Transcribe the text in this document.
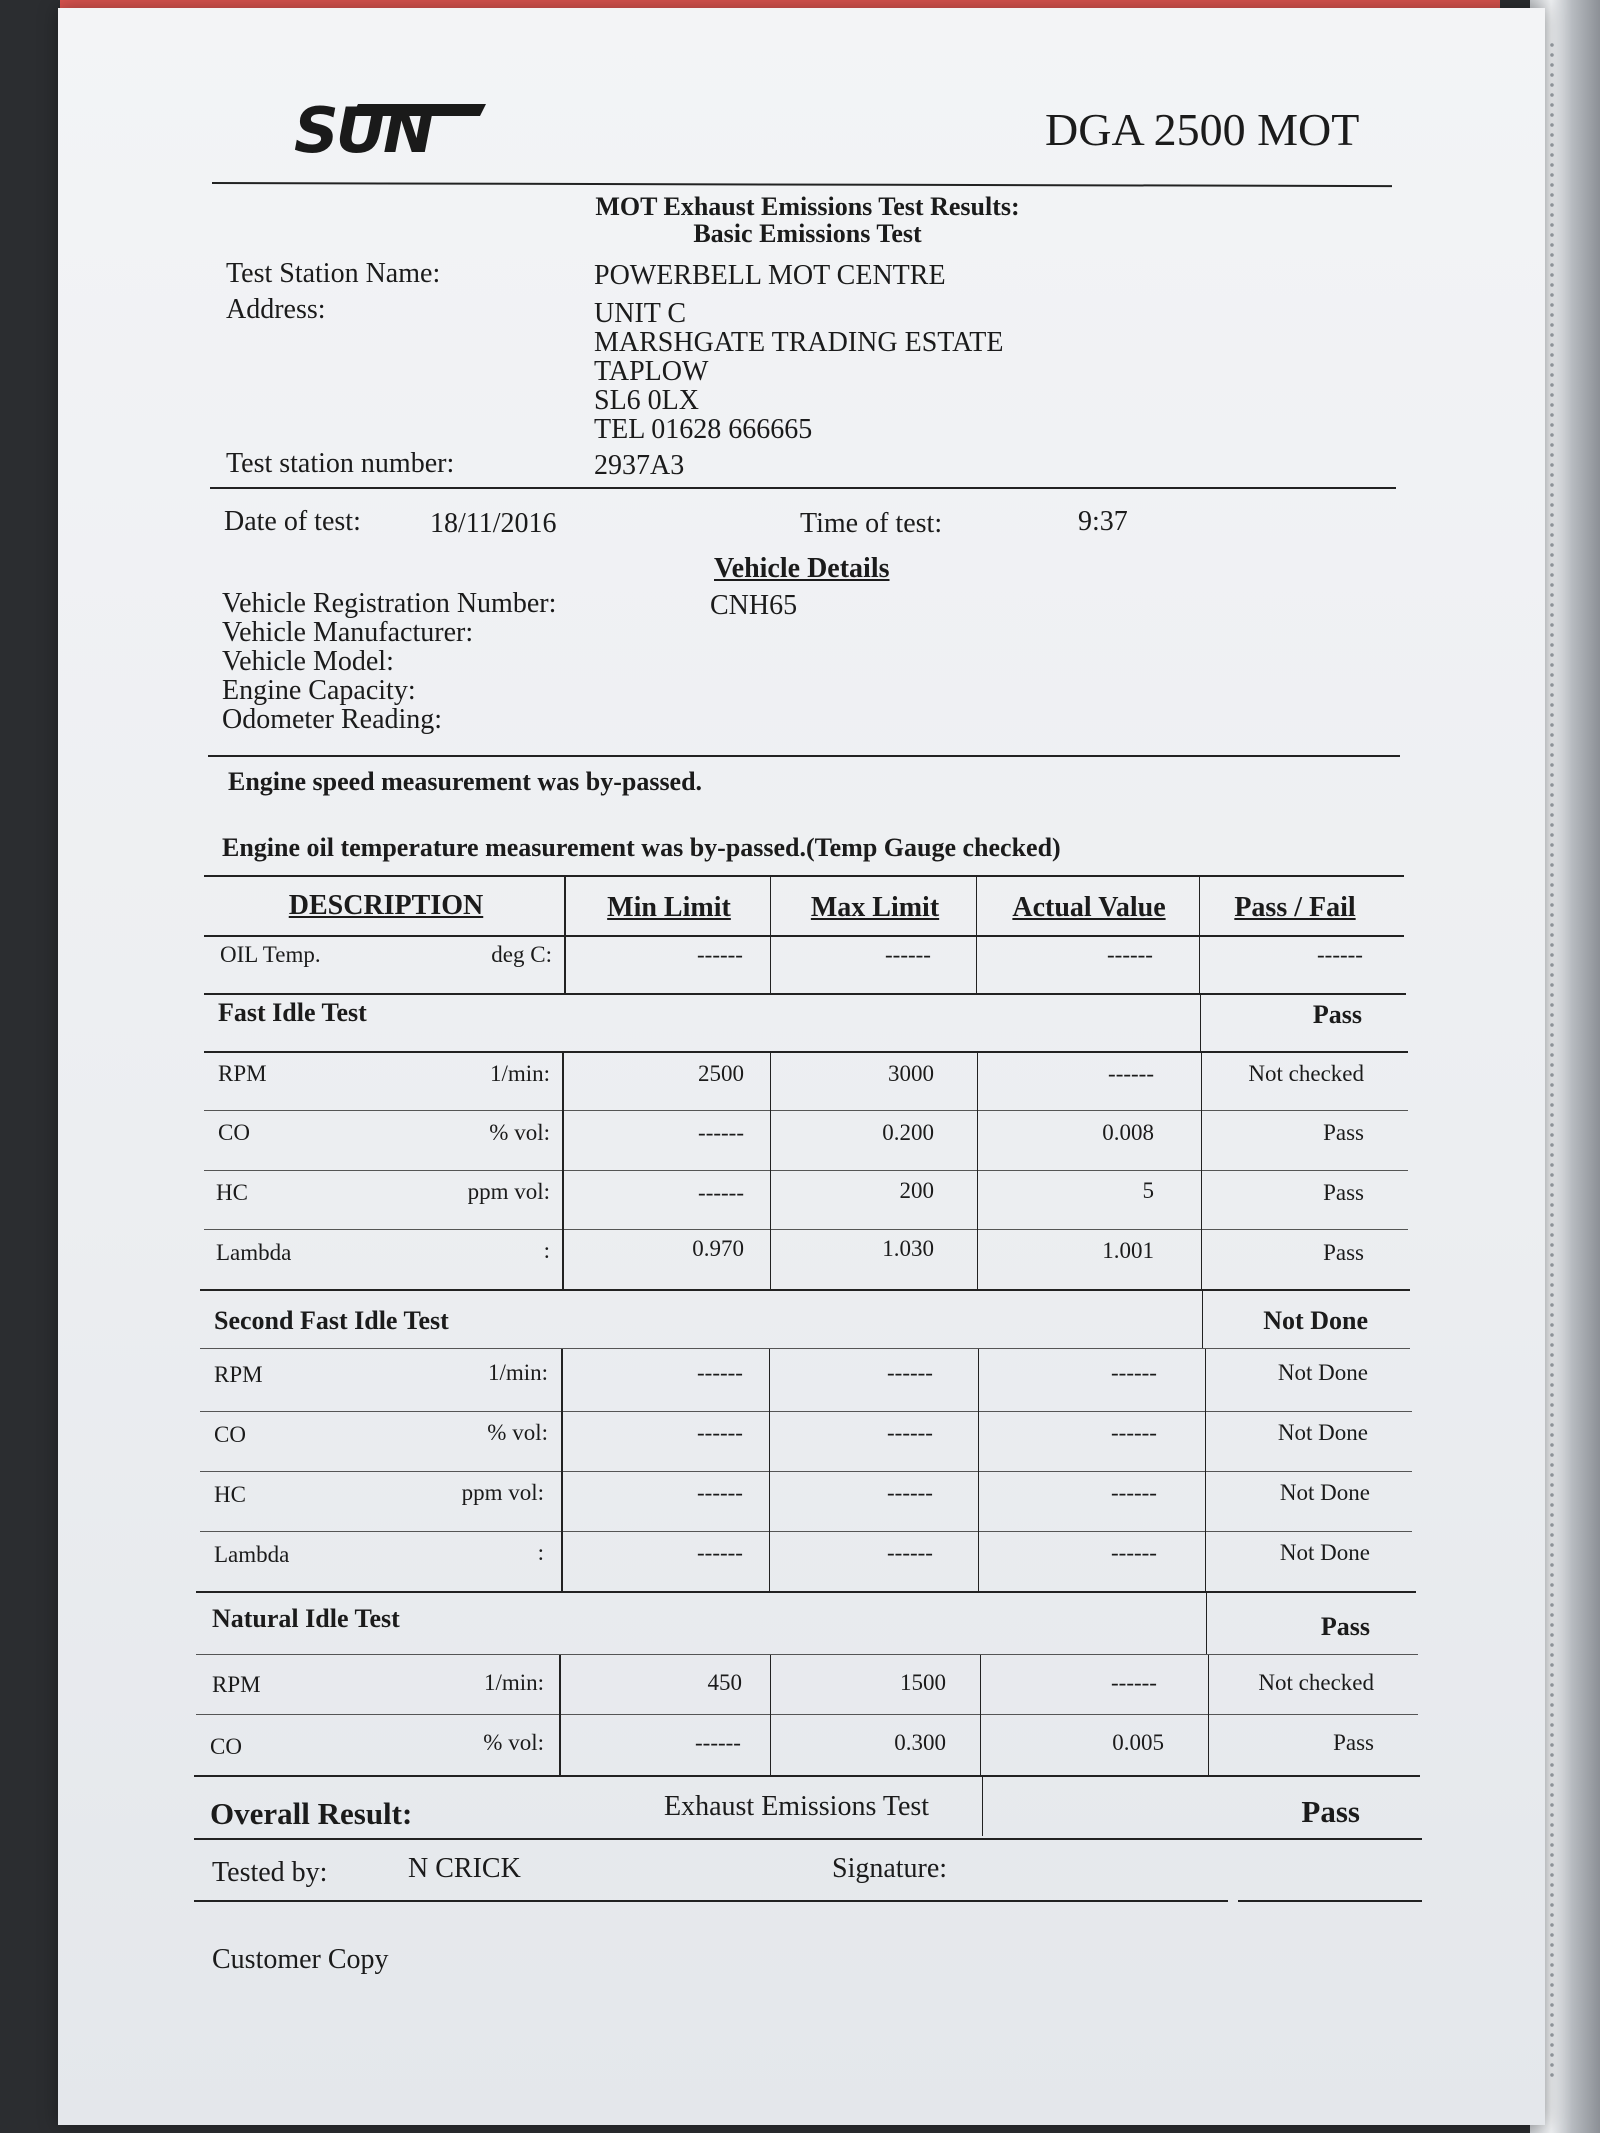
SUN	DGA 2500 MOT
MOT Exhaust Emissions Test Results:
Basic Emissions Test
Test Station Name:	POWERBELL MOT CENTRE
Address:	UNIT C
MARSHGATE TRADING ESTATE
TAPLOW
SL6 0LX
TEL 01628 666665
Test station number:	2937A3
Date of test: 18/11/2016	Time of test:	9:37
Vehicle Details
Vehicle Registration Number:	CNH65
Vehicle Manufacturer:
Vehicle Model:
Engine Capacity:
Odometer Reading:
Engine speed measurement was by-passed.
Engine oil temperature measurement was by-passed.(Temp Gauge checked)
DESCRIPTION	Min Limit	Max Limit	Actual Value	Pass / Fail
OIL Temp.	deg C:	------	------	------	------
Fast Idle Test	Pass
RPM	1/min:	2500	3000	------	Not checked
CO	% vol:	------	0.200	0.008	Pass
HC	ppm vol:	------	200	5	Pass
Lambda	:	0.970	1.030	1.001	Pass
Second Fast Idle Test	Not Done
RPM	1/min:	------	------	------	Not Done
CO	% vol:	------	------	------	Not Done
HC	ppm vol:	------	------	------	Not Done
Lambda	:	------	------	------	Not Done
Natural Idle Test	Pass
RPM	1/min:	450	1500	------	Not checked
CO	% vol:	------	0.300	0.005	Pass
Overall Result:	Exhaust Emissions Test	Pass
Tested by:	N CRICK	Signature:
Customer Copy
